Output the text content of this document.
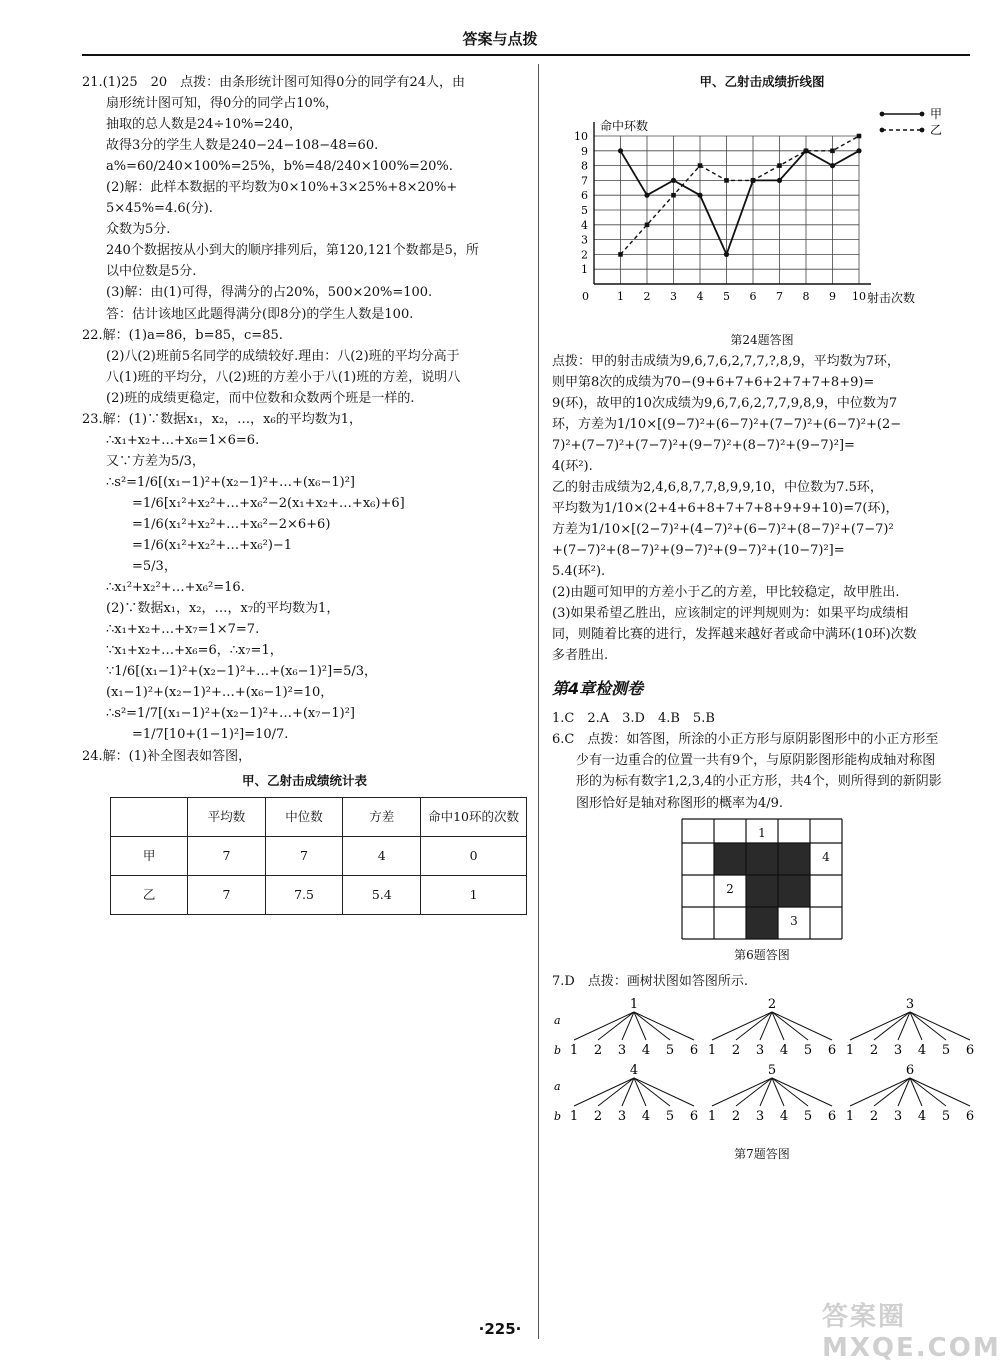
答案与点拨
21.(1)25　20　点拨：由条形统计图可知得0分的同学有24人，由
扇形统计图可知，得0分的同学占10%，
抽取的总人数是24÷10%=240，
故得3分的学生人数是240−24−108−48=60.
a%=60/240×100%=25%，b%=48/240×100%=20%.
(2)解：此样本数据的平均数为0×10%+3×25%+8×20%+
5×45%=4.6(分).
众数为5分.
240个数据按从小到大的顺序排列后，第120,121个数都是5，所
以中位数是5分.
(3)解：由(1)可得，得满分的占20%，500×20%=100.
答：估计该地区此题得满分(即8分)的学生人数是100.
22.解：(1)a=86，b=85，c=85.
(2)八(2)班前5名同学的成绩较好.理由：八(2)班的平均分高于
八(1)班的平均分，八(2)班的方差小于八(1)班的方差，说明八
(2)班的成绩更稳定，而中位数和众数两个班是一样的.
23.解：(1)∵数据x₁，x₂，…，x₆的平均数为1，
∴x₁+x₂+…+x₆=1×6=6.
又∵方差为5/3，
∴s²=1/6[(x₁−1)²+(x₂−1)²+…+(x₆−1)²]
=1/6[x₁²+x₂²+…+x₆²−2(x₁+x₂+…+x₆)+6]
=1/6(x₁²+x₂²+…+x₆²−2×6+6)
=1/6(x₁²+x₂²+…+x₆²)−1
=5/3，
∴x₁²+x₂²+…+x₆²=16.
(2)∵数据x₁，x₂，…，x₇的平均数为1，
∴x₁+x₂+…+x₇=1×7=7.
∵x₁+x₂+…+x₆=6，∴x₇=1，
∵1/6[(x₁−1)²+(x₂−1)²+…+(x₆−1)²]=5/3，
(x₁−1)²+(x₂−1)²+…+(x₆−1)²=10，
∴s²=1/7[(x₁−1)²+(x₂−1)²+…+(x₇−1)²]
=1/7[10+(1−1)²]=10/7.
24.解：(1)补全图表如答图，
甲、乙射击成绩统计表
	平均数	中位数	方差	命中10环的次数
甲	7	7	4	0
乙	7	7.5	5.4	1
甲、乙射击成绩折线图
命中环数
射击次数
0
1
2
3
4
5
6
7
8
9
10
1 2 3 4 5 6 7 8 9 10
甲
乙
第24题答图
点拨：甲的射击成绩为9,6,7,6,2,7,7,?,8,9，平均数为7环，
则甲第8次的成绩为70−(9+6+7+6+2+7+7+8+9)=
9(环)，故甲的10次成绩为9,6,7,6,2,7,7,9,8,9，中位数为7
环，方差为1/10×[(9−7)²+(6−7)²+(7−7)²+(6−7)²+(2−
7)²+(7−7)²+(7−7)²+(9−7)²+(8−7)²+(9−7)²]=
4(环²).
乙的射击成绩为2,4,6,8,7,7,8,9,9,10，中位数为7.5环，
平均数为1/10×(2+4+6+8+7+7+8+9+9+10)=7(环)，
方差为1/10×[(2−7)²+(4−7)²+(6−7)²+(8−7)²+(7−7)²
+(7−7)²+(8−7)²+(9−7)²+(9−7)²+(10−7)²]=
5.4(环²).
(2)由题可知甲的方差小于乙的方差，甲比较稳定，故甲胜出.
(3)如果希望乙胜出，应该制定的评判规则为：如果平均成绩相
同，则随着比赛的进行，发挥越来越好者或命中满环(10环)次数
多者胜出.
第4章检测卷
1.C　2.A　3.D　4.B　5.B
6.C　点拨：如答图，所涂的小正方形与原阴影图形中的小正方形至
少有一边重合的位置一共有9个，与原阴影图形能构成轴对称图
形的为标有数字1,2,3,4的小正方形，共4个，则所得到的新阴影
图形恰好是轴对称图形的概率为4/9.
1
2
3
4
第6题答图
7.D　点拨：画树状图如答图所示.
a
b
1
1 2 3 4 5 6
2
1 2 3 4 5 6
3
1 2 3 4 5 6
a
b
4
1 2 3 4 5 6
5
1 2 3 4 5 6
6
1 2 3 4 5 6
第7题答图
·225·	答案圈 MXQE.COM
